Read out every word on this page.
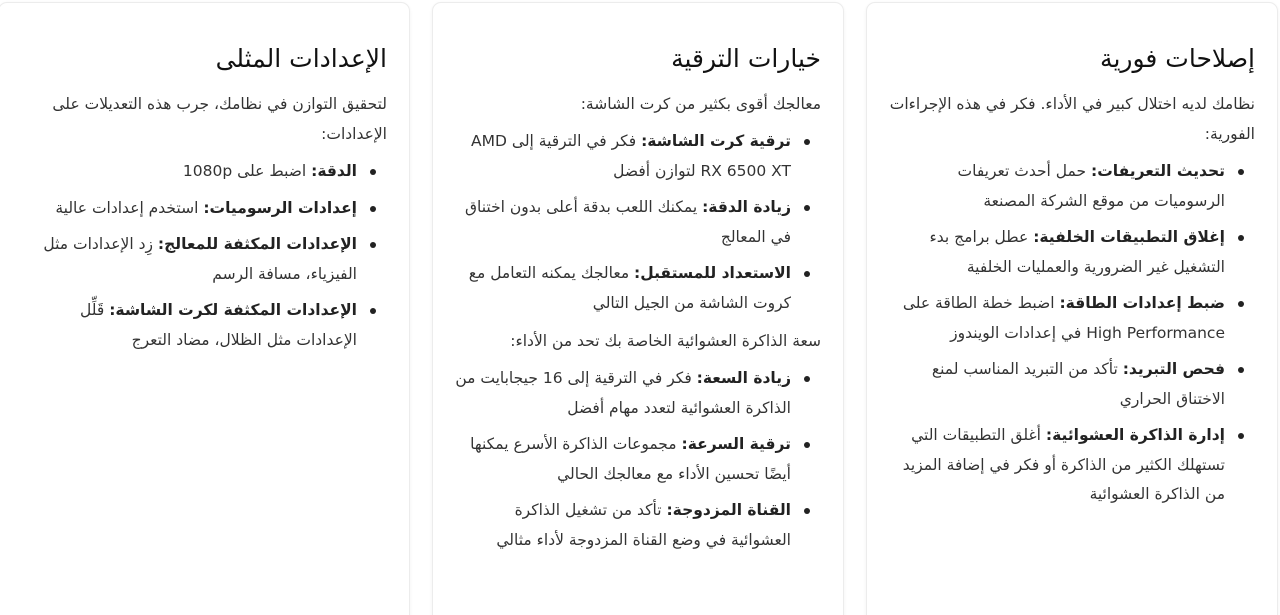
إصلاحات فورية

نظامك لديه اختلال كبير في الأداء. فكر في هذه الإجراءات الفورية:

تحديث التعريفات: حمل أحدث تعريفات الرسوميات من موقع الشركة المصنعة
إغلاق التطبيقات الخلفية: عطل برامج بدء التشغيل غير الضرورية والعمليات الخلفية
ضبط إعدادات الطاقة: اضبط خطة الطاقة على High Performance في إعدادات الويندوز
فحص التبريد: تأكد من التبريد المناسب لمنع الاختناق الحراري
إدارة الذاكرة العشوائية: أغلق التطبيقات التي تستهلك الكثير من الذاكرة أو فكر في إضافة المزيد من الذاكرة العشوائية
خيارات الترقية

معالجك أقوى بكثير من كرت الشاشة:

ترقية كرت الشاشة: فكر في الترقية إلى AMD RX 6500 XT لتوازن أفضل
زيادة الدقة: يمكنك اللعب بدقة أعلى بدون اختناق في المعالج
الاستعداد للمستقبل: معالجك يمكنه التعامل مع كروت الشاشة من الجيل التالي

سعة الذاكرة العشوائية الخاصة بك تحد من الأداء:

زيادة السعة: فكر في الترقية إلى 16 جيجابايت من الذاكرة العشوائية لتعدد مهام أفضل
ترقية السرعة: مجموعات الذاكرة الأسرع يمكنها أيضًا تحسين الأداء مع معالجك الحالي
القناة المزدوجة: تأكد من تشغيل الذاكرة العشوائية في وضع القناة المزدوجة لأداء مثالي
الإعدادات المثلى

لتحقيق التوازن في نظامك، جرب هذه التعديلات على الإعدادات:

الدقة: اضبط على 1080p
إعدادات الرسوميات: استخدم إعدادات عالية
الإعدادات المكثفة للمعالج: زِد الإعدادات مثل الفيزياء، مسافة الرسم
الإعدادات المكثفة لكرت الشاشة: قَلِّل الإعدادات مثل الظلال، مضاد التعرج
